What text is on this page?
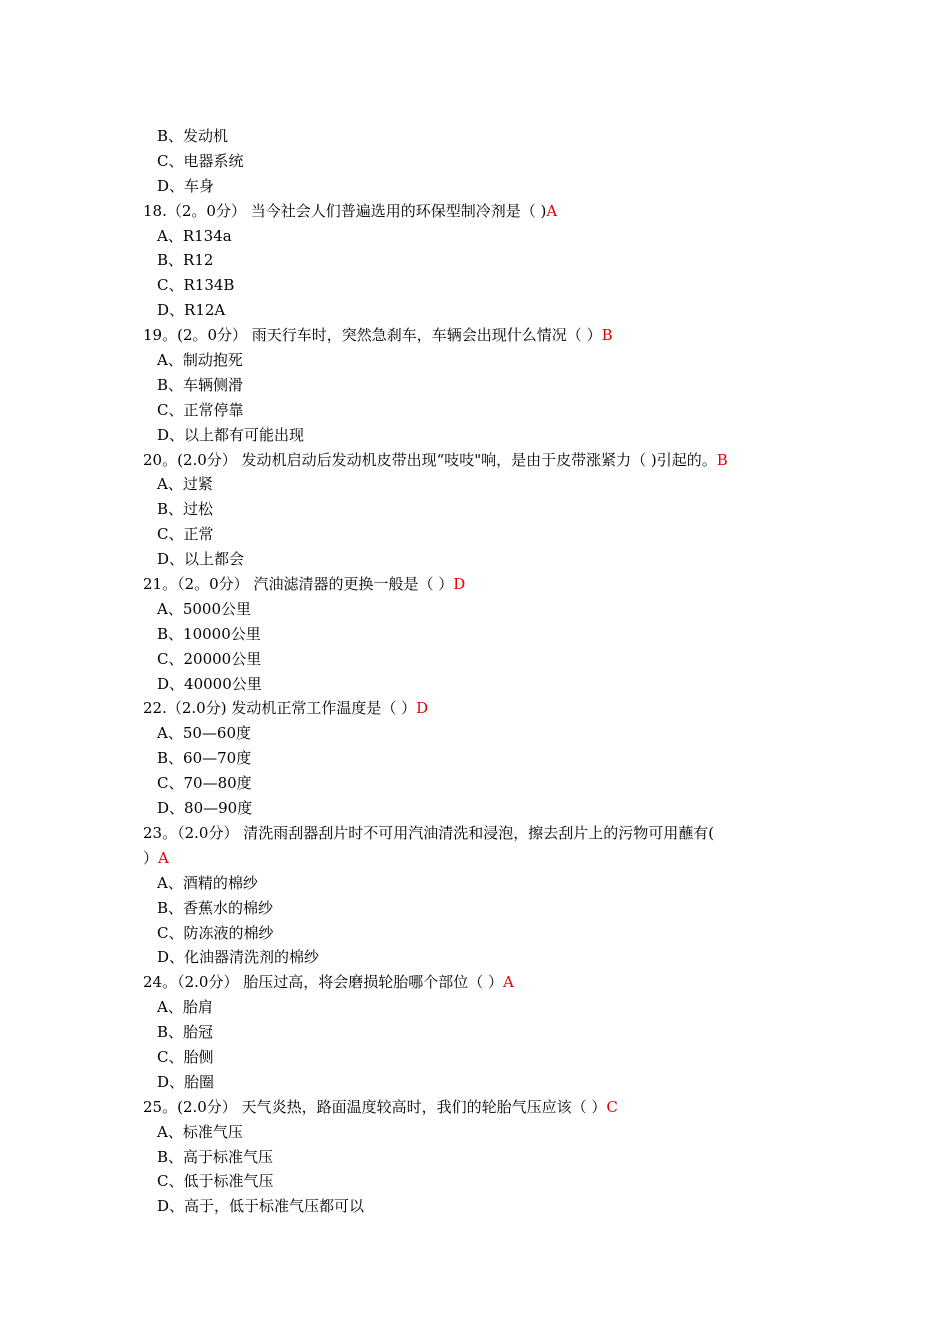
B、发动机
C、电器系统
D、车身
18.（2。0分） 当今社会人们普遍选用的环保型制冷剂是（ )A
A、R134a
B、R12
C、R134B
D、R12A
19。(2。0分） 雨天行车时，突然急刹车，车辆会出现什么情况（ ）B
A、制动抱死
B、车辆侧滑
C、正常停靠
D、以上都有可能出现
20。(2.0分） 发动机启动后发动机皮带出现“吱吱"响，是由于皮带涨紧力（ )引起的。B
A、过紧
B、过松
C、正常
D、以上都会
21。（2。0分） 汽油滤清器的更换一般是（ ）D
A、5000公里
B、10000公里
C、20000公里
D、40000公里
22.（2.0分) 发动机正常工作温度是（ ）D
A、50—60度
B、60—70度
C、70—80度
D、80—90度
23。（2.0分） 清洗雨刮器刮片时不可用汽油清洗和浸泡，擦去刮片上的污物可用蘸有(
）A
A、酒精的棉纱
B、香蕉水的棉纱
C、防冻液的棉纱
D、化油器清洗剂的棉纱
24。（2.0分） 胎压过高，将会磨损轮胎哪个部位（ ）A
A、胎肩
B、胎冠
C、胎侧
D、胎圈
25。(2.0分） 天气炎热，路面温度较高时，我们的轮胎气压应该（ ）C
A、标准气压
B、高于标准气压
C、低于标准气压
D、高于，低于标准气压都可以
